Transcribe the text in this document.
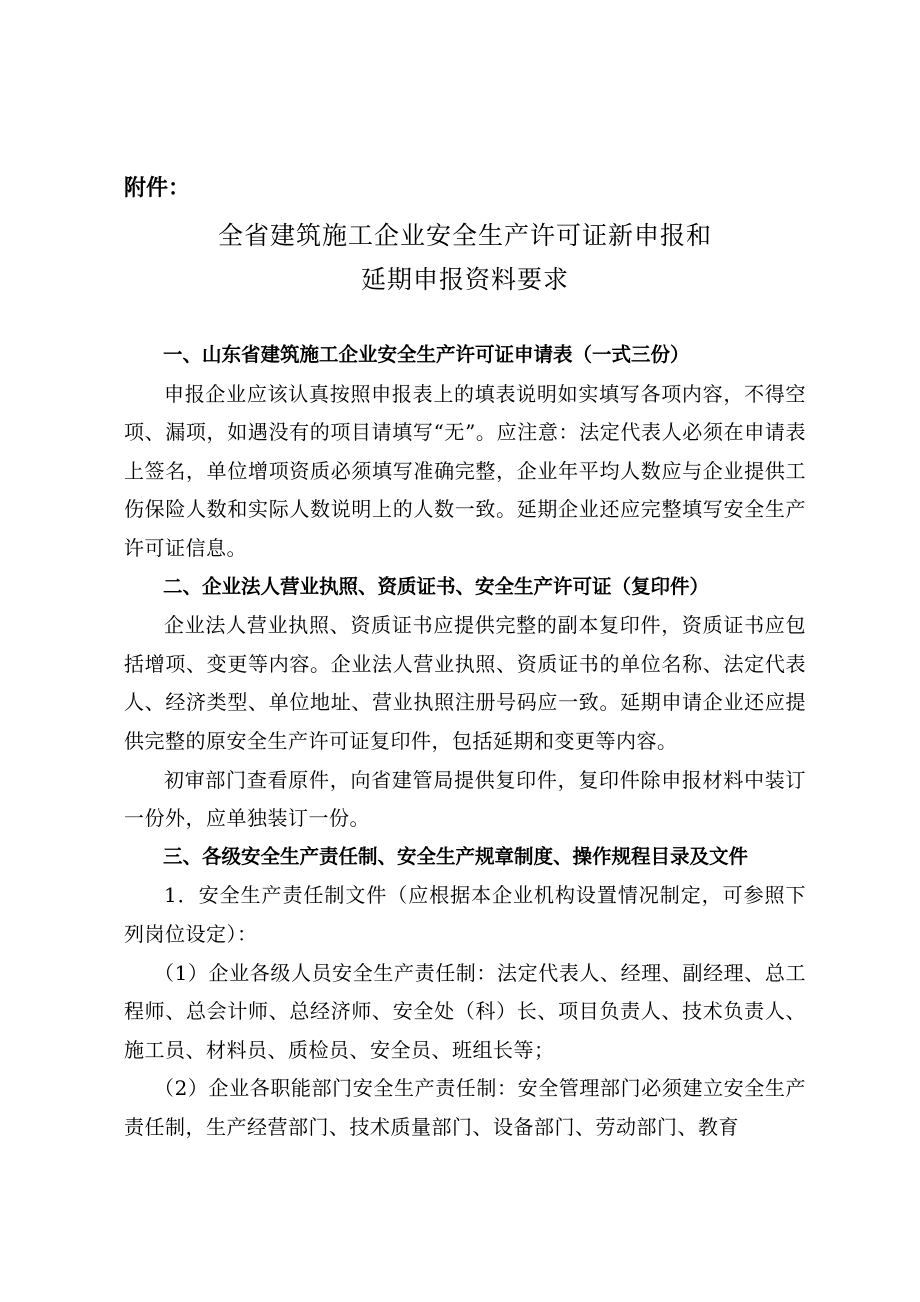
附件：

全省建筑施工企业安全生产许可证新申报和
延期申报资料要求

一、山东省建筑施工企业安全生产许可证申请表（一式三份）

申报企业应该认真按照申报表上的填表说明如实填写各项内容，不得空项、漏项，如遇没有的项目请填写“无”。应注意：法定代表人必须在申请表上签名，单位增项资质必须填写准确完整，企业年平均人数应与企业提供工伤保险人数和实际人数说明上的人数一致。延期企业还应完整填写安全生产许可证信息。

二、企业法人营业执照、资质证书、安全生产许可证（复印件）

企业法人营业执照、资质证书应提供完整的副本复印件，资质证书应包括增项、变更等内容。企业法人营业执照、资质证书的单位名称、法定代表人、经济类型、单位地址、营业执照注册号码应一致。延期申请企业还应提供完整的原安全生产许可证复印件，包括延期和变更等内容。

初审部门查看原件，向省建管局提供复印件，复印件除申报材料中装订一份外，应单独装订一份。

三、各级安全生产责任制、安全生产规章制度、操作规程目录及文件

1．安全生产责任制文件（应根据本企业机构设置情况制定，可参照下列岗位设定）：

（1）企业各级人员安全生产责任制：法定代表人、经理、副经理、总工程师、总会计师、总经济师、安全处（科）长、项目负责人、技术负责人、施工员、材料员、质检员、安全员、班组长等；

（2）企业各职能部门安全生产责任制：安全管理部门必须建立安全生产责任制，生产经营部门、技术质量部门、设备部门、劳动部门、教育
